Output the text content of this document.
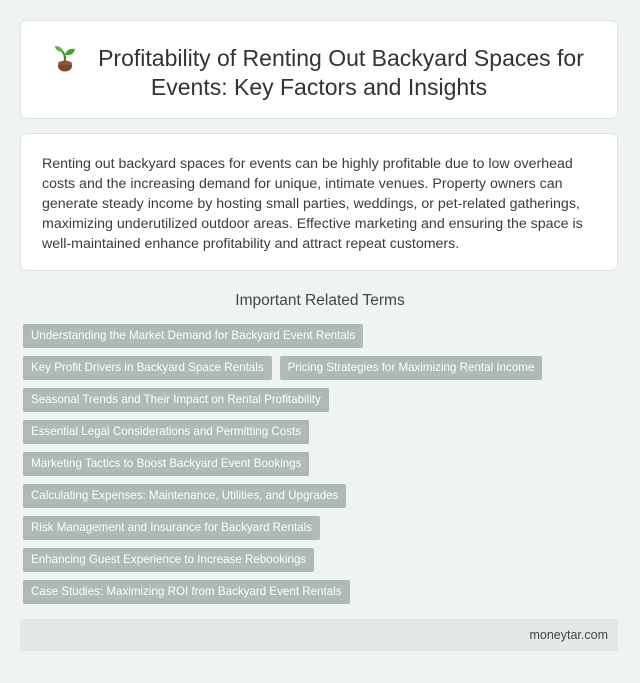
Profitability of Renting Out Backyard Spaces for Events: Key Factors and Insights

Renting out backyard spaces for events can be highly profitable due to low overhead costs and the increasing demand for unique, intimate venues. Property owners can generate steady income by hosting small parties, weddings, or pet-related gatherings, maximizing underutilized outdoor areas. Effective marketing and ensuring the space is well-maintained enhance profitability and attract repeat customers.

Important Related Terms
Understanding the Market Demand for Backyard Event Rentals
Key Profit Drivers in Backyard Space Rentals	Pricing Strategies for Maximizing Rental Income
Seasonal Trends and Their Impact on Rental Profitability
Essential Legal Considerations and Permitting Costs
Marketing Tactics to Boost Backyard Event Bookings
Calculating Expenses: Maintenance, Utilities, and Upgrades
Risk Management and Insurance for Backyard Rentals
Enhancing Guest Experience to Increase Rebookings
Case Studies: Maximizing ROI from Backyard Event Rentals
moneytar.com
